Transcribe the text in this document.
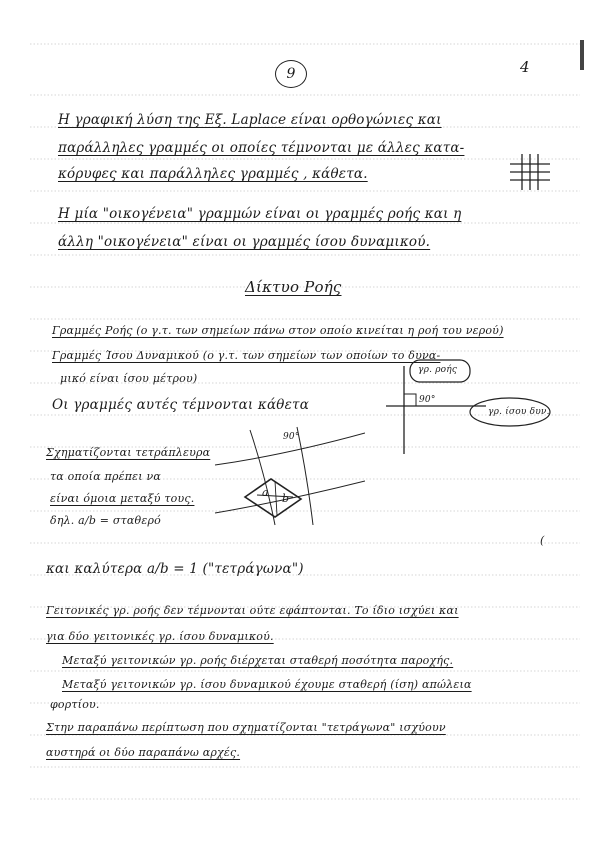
9	4
Η γραφική λύση της Εξ. Laplace είναι ορθογώνιες και
παράλληλες γραμμές οι οποίες τέμνονται με άλλες κατα-
κόρυφες και παράλληλες γραμμές , κάθετα.
Η μία "οικογένεια" γραμμών είναι οι γραμμές ροής και η
άλλη "οικογένεια" είναι οι γραμμές ίσου δυναμικού.
Δίκτυο Ροής
Γραμμές Ροής (ο γ.τ. των σημείων πάνω στον οποίο κινείται η ροή του νερού)
Γραμμές Ίσου Δυναμικού (ο γ.τ. των σημείων των οποίων το δυνα-
μικό είναι ίσου μέτρου)
Οι γραμμές αυτές τέμνονται κάθετα
γρ. ροής
90°
γρ. ίσου δυν.
Σχηματίζονται τετράπλευρα
τα οποία πρέπει να
είναι όμοια μεταξύ τους.
δηλ. a/b = σταθερό
90°
a b
και καλύτερα a/b = 1 ("τετράγωνα")
Γειτονικές γρ. ροής δεν τέμνονται ούτε εφάπτονται. Το ίδιο ισχύει και
για δύο γειτονικές γρ. ίσου δυναμικού.
Μεταξύ γειτονικών γρ. ροής διέρχεται σταθερή ποσότητα παροχής.
Μεταξύ γειτονικών γρ. ίσου δυναμικού έχουμε σταθερή (ίση) απώλεια
φορτίου.
Στην παραπάνω περίπτωση που σχηματίζονται "τετράγωνα" ισχύουν
αυστηρά οι δύο παραπάνω αρχές.
(
